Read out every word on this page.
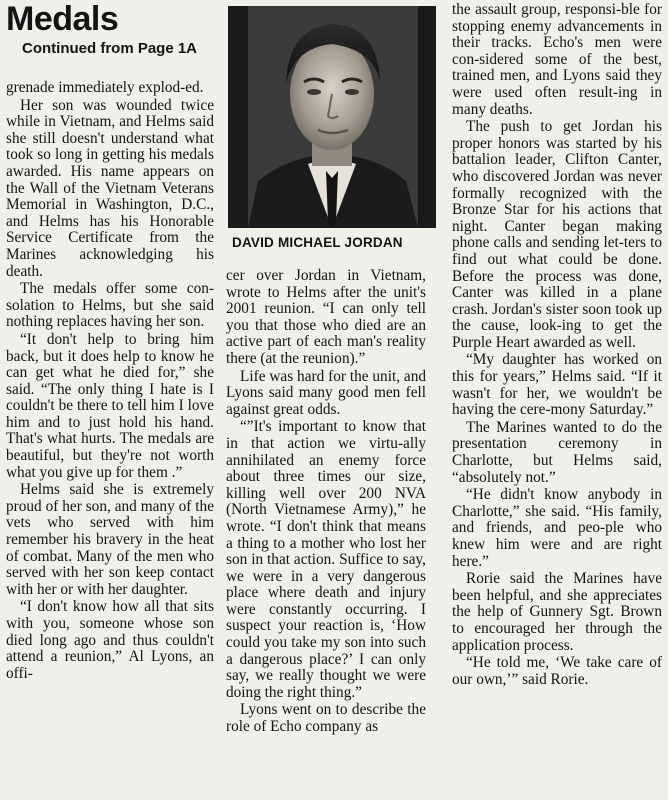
Medals
Continued from Page 1A
DAVID MICHAEL JORDAN

grenade immediately explod-ed.

Her son was wounded twice while in Vietnam, and Helms said she still doesn't understand what took so long in getting his medals awarded. His name appears on the Wall of the Vietnam Veterans Memorial in Washington, D.C., and Helms has his Honorable Service Certificate from the Marines acknowledging his death.

The medals offer some con-solation to Helms, but she said nothing replaces having her son.

“It don't help to bring him back, but it does help to know he can get what he died for,” she said. “The only thing I hate is I couldn't be there to tell him I love him and to just hold his hand. That's what hurts. The medals are beautiful, but they're not worth what you give up for them .”

Helms said she is extremely proud of her son, and many of the vets who served with him remember his bravery in the heat of combat. Many of the men who served with her son keep contact with her or with her daughter.

“I don't know how all that sits with you, someone whose son died long ago and thus couldn't attend a reunion,” Al Lyons, an offi-

cer over Jordan in Vietnam, wrote to Helms after the unit's 2001 reunion. “I can only tell you that those who died are an active part of each man's reality there (at the reunion).”

Life was hard for the unit, and Lyons said many good men fell against great odds.

“”It's important to know that in that action we virtu-ally annihilated an enemy force about three times our size, killing well over 200 NVA (North Vietnamese Army),” he wrote. “I don't think that means a thing to a mother who lost her son in that action. Suffice to say, we were in a very dangerous place where death and injury were constantly occurring. I suspect your reaction is, ‘How could you take my son into such a dangerous place?’ I can only say, we really thought we were doing the right thing.”

Lyons went on to describe the role of Echo company as

the assault group, responsi-ble for stopping enemy advancements in their tracks. Echo's men were con-sidered some of the best, trained men, and Lyons said they were used often result-ing in many deaths.

The push to get Jordan his proper honors was started by his battalion leader, Clifton Canter, who discovered Jordan was never formally recognized with the Bronze Star for his actions that night. Canter began making phone calls and sending let-ters to find out what could be done. Before the process was done, Canter was killed in a plane crash. Jordan's sister soon took up the cause, look-ing to get the Purple Heart awarded as well.

“My daughter has worked on this for years,” Helms said. “If it wasn't for her, we wouldn't be having the cere-mony Saturday.”

The Marines wanted to do the presentation ceremony in Charlotte, but Helms said, “absolutely not.”

“He didn't know anybody in Charlotte,” she said. “His family, and friends, and peo-ple who knew him were and are right here.”

Rorie said the Marines have been helpful, and she appreciates the help of Gunnery Sgt. Brown to encouraged her through the application process.

“He told me, ‘We take care of our own,’” said Rorie.
